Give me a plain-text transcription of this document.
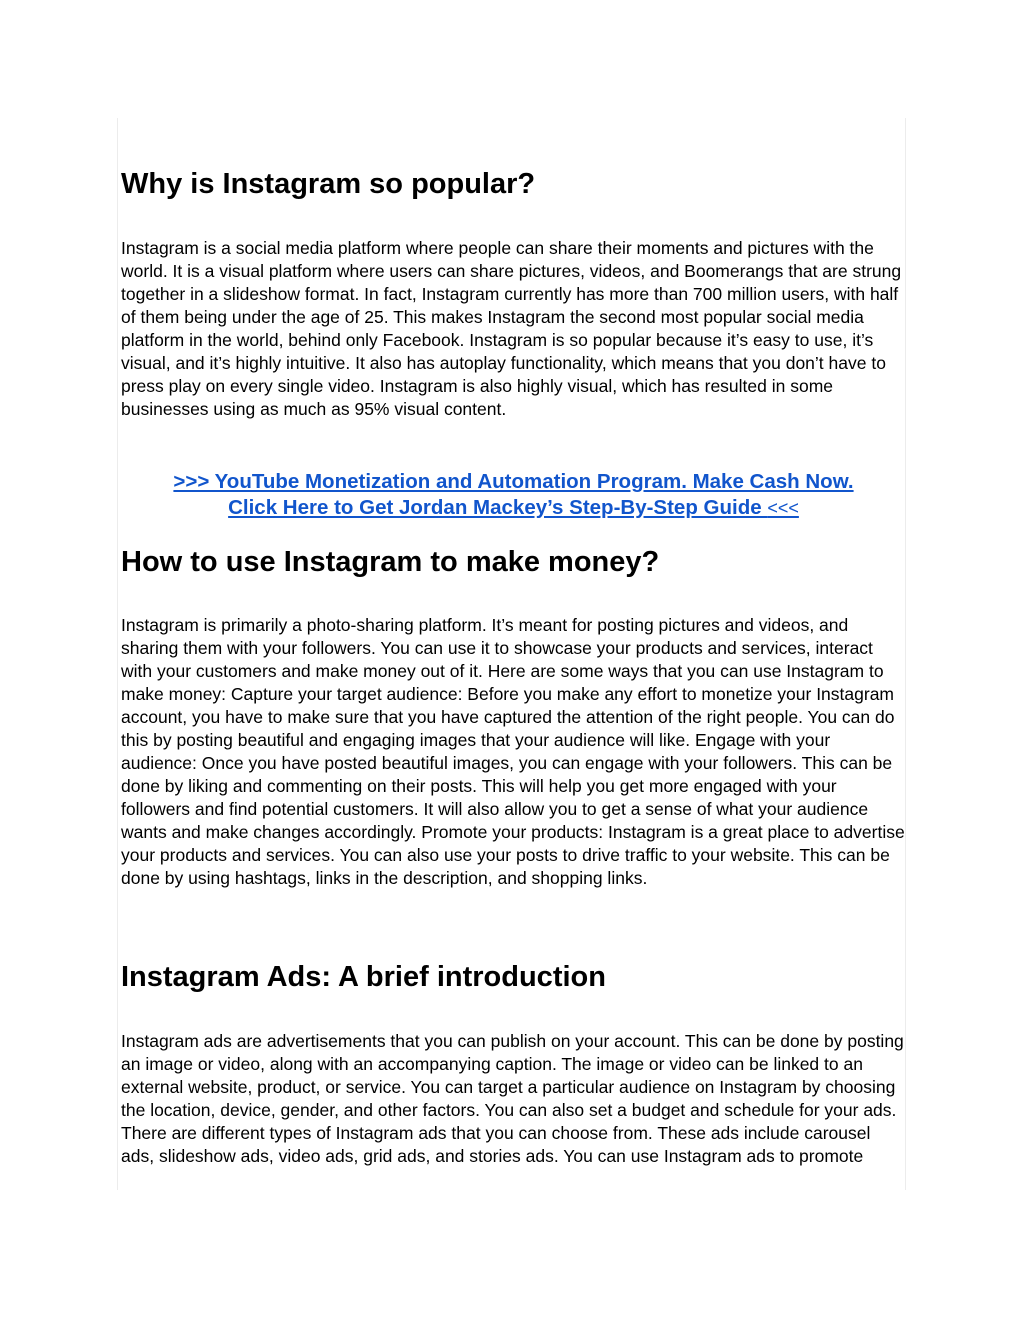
Why is Instagram so popular?

Instagram is a social media platform where people can share their moments and pictures with the world. It is a visual platform where users can share pictures, videos, and Boomerangs that are strung together in a slideshow format. In fact, Instagram currently has more than 700 million users, with half of them being under the age of 25. This makes Instagram the second most popular social media platform in the world, behind only Facebook. Instagram is so popular because it’s easy to use, it’s visual, and it’s highly intuitive. It also has autoplay functionality, which means that you don’t have to press play on every single video. Instagram is also highly visual, which has resulted in some businesses using as much as 95% visual content.

>>> YouTube Monetization and Automation Program. Make Cash Now.
Click Here to Get Jordan Mackey’s Step-By-Step Guide <<<
How to use Instagram to make money?

Instagram is primarily a photo-sharing platform. It’s meant for posting pictures and videos, and sharing them with your followers. You can use it to showcase your products and services, interact with your customers and make money out of it. Here are some ways that you can use Instagram to make money: Capture your target audience: Before you make any effort to monetize your Instagram account, you have to make sure that you have captured the attention of the right people. You can do this by posting beautiful and engaging images that your audience will like. Engage with your audience: Once you have posted beautiful images, you can engage with your followers. This can be done by liking and commenting on their posts. This will help you get more engaged with your followers and find potential customers. It will also allow you to get a sense of what your audience wants and make changes accordingly. Promote your products: Instagram is a great place to advertise your products and services. You can also use your posts to drive traffic to your website. This can be done by using hashtags, links in the description, and shopping links.

Instagram Ads: A brief introduction

Instagram ads are advertisements that you can publish on your account. This can be done by posting an image or video, along with an accompanying caption. The image or video can be linked to an external website, product, or service. You can target a particular audience on Instagram by choosing the location, device, gender, and other factors. You can also set a budget and schedule for your ads. There are different types of Instagram ads that you can choose from. These ads include carousel ads, slideshow ads, video ads, grid ads, and stories ads. You can use Instagram ads to promote
